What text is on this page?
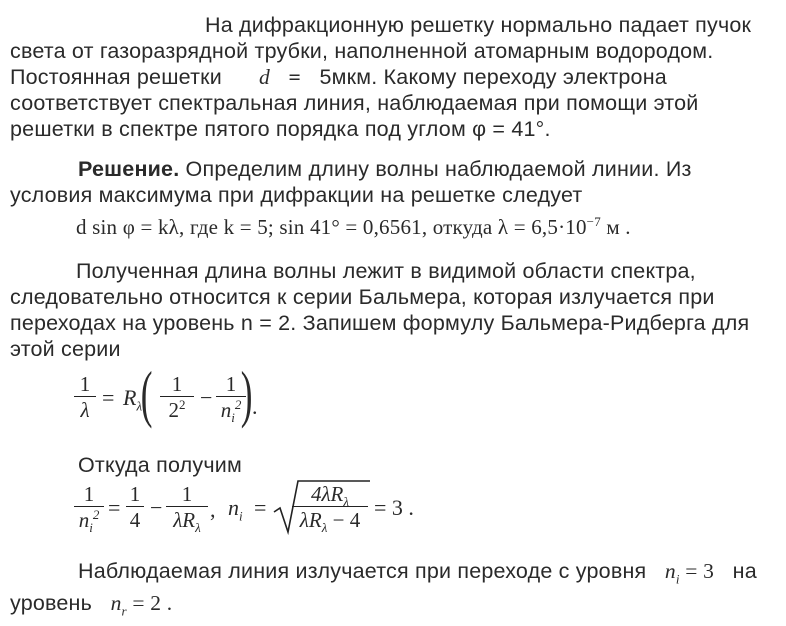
На дифракционную решетку нормально падает пучок
света от газоразрядной трубки, наполненной атомарным водородом.
Постоянная решетки d = 5мкм. Какому переходу электрона
соответствует спектральная линия, наблюдаемая при помощи этой
решетки в спектре пятого порядка под углом φ = 41°.
Решение. Определим длину волны наблюдаемой линии. Из
условия максимума при дифракции на решетке следует
d sin φ = kλ, где k = 5; sin 41° = 0,6561, откуда $\lambda = 6,5\cdot 10^{-7}$ м .
Полученная длина волны лежит в видимой области спектра,
следовательно относится к серии Бальмера, которая излучается при
переходах на уровень n = 2. Запишем формулу Бальмера-Ридберга для
этой серии
1
$\lambda = R_\lambda$
( 1
$2^2$ −
1
$n_i^2$ ) .
Откуда получим
1
$n_i^2$ =
1
4 −
1
$\lambda R_\lambda$
, $n_i$ =
$4\lambda R_\lambda$
$\lambda R_\lambda - 4 = 3$ .
Наблюдаемая линия излучается при переходе с уровня $n_i = 3$ на
уровень $n_r = 2$ .
